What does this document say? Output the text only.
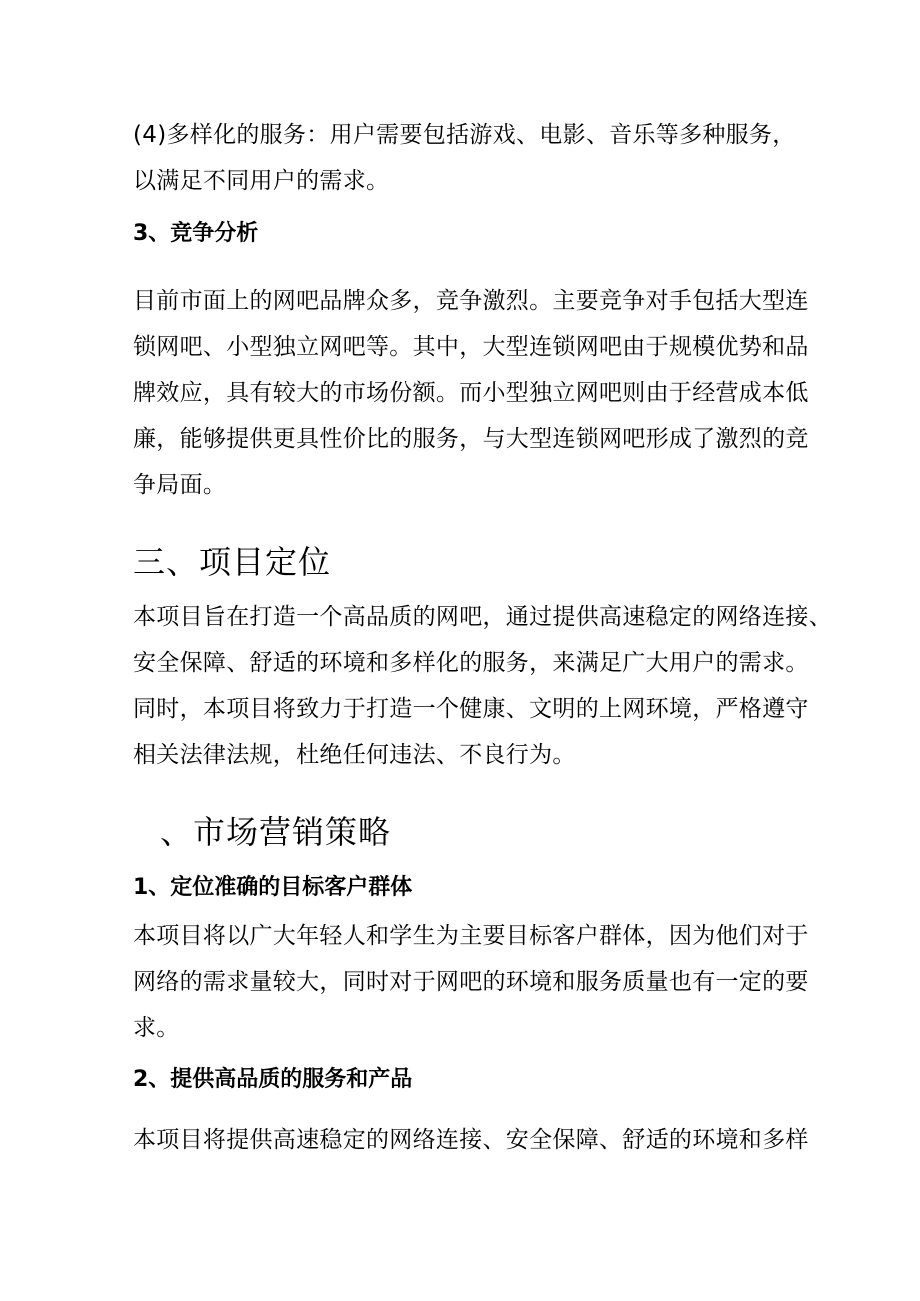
(4)多样化的服务：用户需要包括游戏、电影、音乐等多种服务，
以满足不同用户的需求。
3、竞争分析
目前市面上的网吧品牌众多，竞争激烈。主要竞争对手包括大型连
锁网吧、小型独立网吧等。其中，大型连锁网吧由于规模优势和品
牌效应，具有较大的市场份额。而小型独立网吧则由于经营成本低
廉，能够提供更具性价比的服务，与大型连锁网吧形成了激烈的竞
争局面。
三、项目定位
本项目旨在打造一个高品质的网吧，通过提供高速稳定的网络连接、
安全保障、舒适的环境和多样化的服务，来满足广大用户的需求。
同时，本项目将致力于打造一个健康、文明的上网环境，严格遵守
相关法律法规，杜绝任何违法、不良行为。
、市场营销策略
1、定位准确的目标客户群体
本项目将以广大年轻人和学生为主要目标客户群体，因为他们对于
网络的需求量较大，同时对于网吧的环境和服务质量也有一定的要
求。
2、提供高品质的服务和产品
本项目将提供高速稳定的网络连接、安全保障、舒适的环境和多样
